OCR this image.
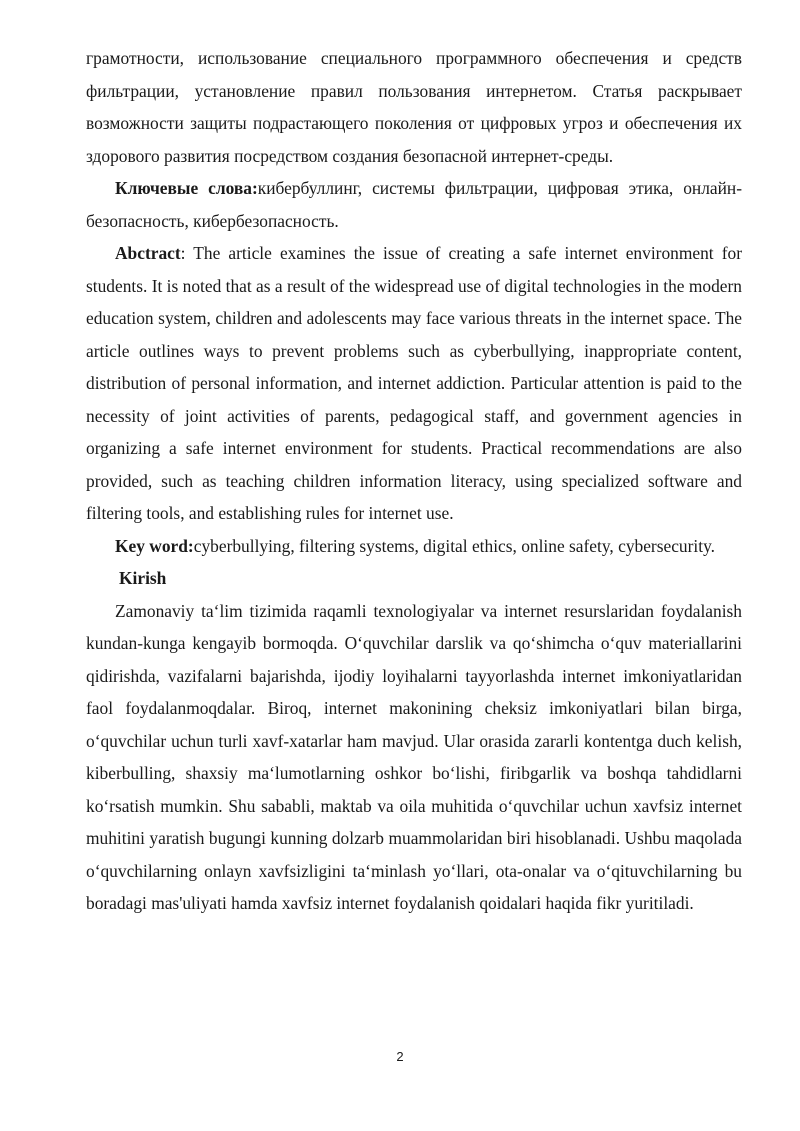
грамотности, использование специального программного обеспечения и средств фильтрации, установление правил пользования интернетом. Статья раскрывает возможности защиты подрастающего поколения от цифровых угроз и обеспечения их здорового развития посредством создания безопасной интернет-среды.

Ключевые слова:кибербуллинг, системы фильтрации, цифровая этика, онлайн-безопасность, кибербезопасность.

Abctract: The article examines the issue of creating a safe internet environment for students. It is noted that as a result of the widespread use of digital technologies in the modern education system, children and adolescents may face various threats in the internet space. The article outlines ways to prevent problems such as cyberbullying, inappropriate content, distribution of personal information, and internet addiction. Particular attention is paid to the necessity of joint activities of parents, pedagogical staff, and government agencies in organizing a safe internet environment for students. Practical recommendations are also provided, such as teaching children information literacy, using specialized software and filtering tools, and establishing rules for internet use.

Key word:cyberbullying, filtering systems, digital ethics, online safety, cybersecurity.

Kirish

Zamonaviy taʻlim tizimida raqamli texnologiyalar va internet resurslaridan foydalanish kundan-kunga kengayib bormoqda. Oʻquvchilar darslik va qoʻshimcha oʻquv materiallarini qidirishda, vazifalarni bajarishda, ijodiy loyihalarni tayyorlashda internet imkoniyatlaridan faol foydalanmoqdalar. Biroq, internet makonining cheksiz imkoniyatlari bilan birga, oʻquvchilar uchun turli xavf-xatarlar ham mavjud. Ular orasida zararli kontentga duch kelish, kiberbulling, shaxsiy maʻlumotlarning oshkor boʻlishi, firibgarlik va boshqa tahdidlarni koʻrsatish mumkin. Shu sababli, maktab va oila muhitida oʻquvchilar uchun xavfsiz internet muhitini yaratish bugungi kunning dolzarb muammolaridan biri hisoblanadi. Ushbu maqolada oʻquvchilarning onlayn xavfsizligini taʻminlash yoʻllari, ota-onalar va oʻqituvchilarning bu boradagi mas'uliyati hamda xavfsiz internet foydalanish qoidalari haqida fikr yuritiladi.

2
